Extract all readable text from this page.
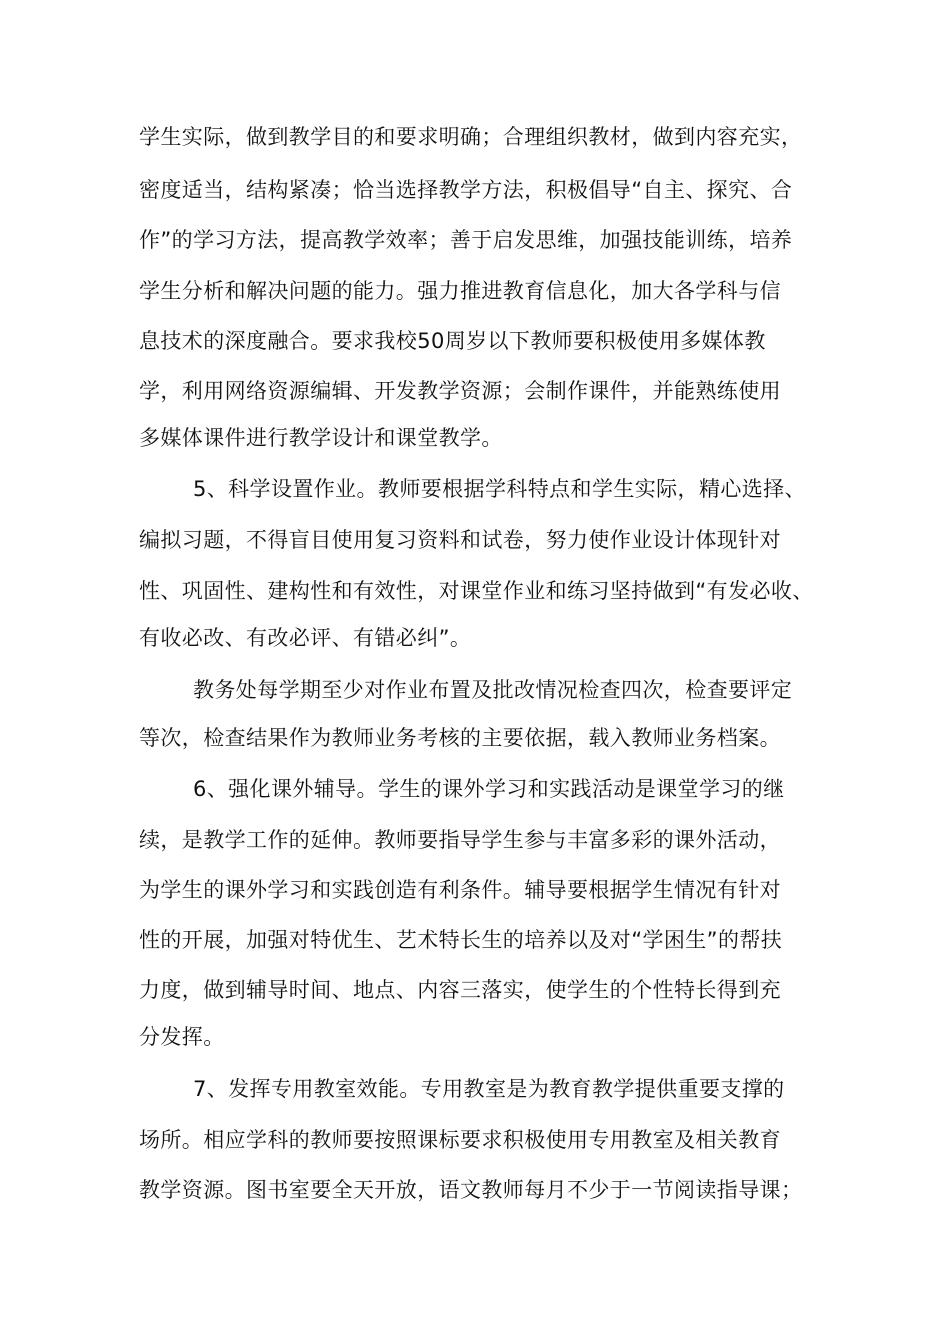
学生实际，做到教学目的和要求明确；合理组织教材，做到内容充实，
密度适当，结构紧凑；恰当选择教学方法，积极倡导“自主、探究、合
作”的学习方法，提高教学效率；善于启发思维，加强技能训练，培养
学生分析和解决问题的能力。强力推进教育信息化，加大各学科与信
息技术的深度融合。要求我校50周岁以下教师要积极使用多媒体教
学，利用网络资源编辑、开发教学资源；会制作课件，并能熟练使用
多媒体课件进行教学设计和课堂教学。
5、科学设置作业。教师要根据学科特点和学生实际，精心选择、
编拟习题，不得盲目使用复习资料和试卷，努力使作业设计体现针对
性、巩固性、建构性和有效性，对课堂作业和练习坚持做到“有发必收、
有收必改、有改必评、有错必纠”。
教务处每学期至少对作业布置及批改情况检查四次，检查要评定
等次，检查结果作为教师业务考核的主要依据，载入教师业务档案。
6、强化课外辅导。学生的课外学习和实践活动是课堂学习的继
续，是教学工作的延伸。教师要指导学生参与丰富多彩的课外活动，
为学生的课外学习和实践创造有利条件。辅导要根据学生情况有针对
性的开展，加强对特优生、艺术特长生的培养以及对“学困生”的帮扶
力度，做到辅导时间、地点、内容三落实，使学生的个性特长得到充
分发挥。
7、发挥专用教室效能。专用教室是为教育教学提供重要支撑的
场所。相应学科的教师要按照课标要求积极使用专用教室及相关教育
教学资源。图书室要全天开放，语文教师每月不少于一节阅读指导课；
